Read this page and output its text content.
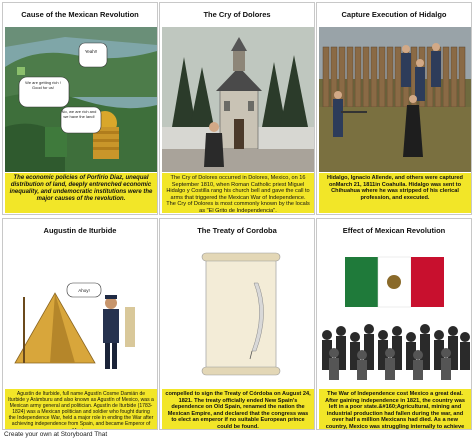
Cause of the Mexican Revolution
We are getting rich ! Good for us!
Yeah!!
No, we are rich and we have the land!
The economic policies of Porfirio Diaz, unequal distribution of land, deeply entrenched economic inequality, and undemocratic institutions were the major causes of the revolution.
The Cry of Dolores
The Cry of Dolores occurred in Dolores, Mexico, on 16 September 1810, when Roman Catholic priest Miguel Hidalgo y Costilla rang his church bell and gave the call to arms that triggered the Mexican War of Independence. The Cry of Dolores is most commonly known by the locals as "El Grito de Independencia".
Capture Execution of Hidalgo
Hidalgo, Ignacio Allende, and others were captured onMarch 21, 1811in Coahuila. Hidalgo was sent to Chihuahua where he was stripped of his clerical profession, and executed.
Augustin de Iturbide
Ahoy!
Agustín de Iturbide, full name Agustín Cosme Damián de Iturbide y Arámburu and also known as Agustín of Mexico, was a Mexican army general and politician. Agustín de Iturbide (1783-1824) was a Mexican politician and soldier who fought during the Independence War, held a major role in ending the War after achieving independence from Spain, and became Emperor of
The Treaty of Cordoba
compelled to sign the Treaty of Córdoba on August 24, 1821. The treaty officially ended New Spain's dependence on Old Spain, renamed the nation the Mexican Empire, and declared that the congress was to elect an emperor if no suitable European prince could be found.
Effect of Mexican Revolution
The War of Independence cost Mexico a great deal. After gaining independence in 1821, the country was left in a poor state.&#160;Agricultural, mining and industrial production had fallen during the war, and over half a million Mexicans had died. As a new country, Mexico was struggling internally to achieve
Create your own at Storyboard That
